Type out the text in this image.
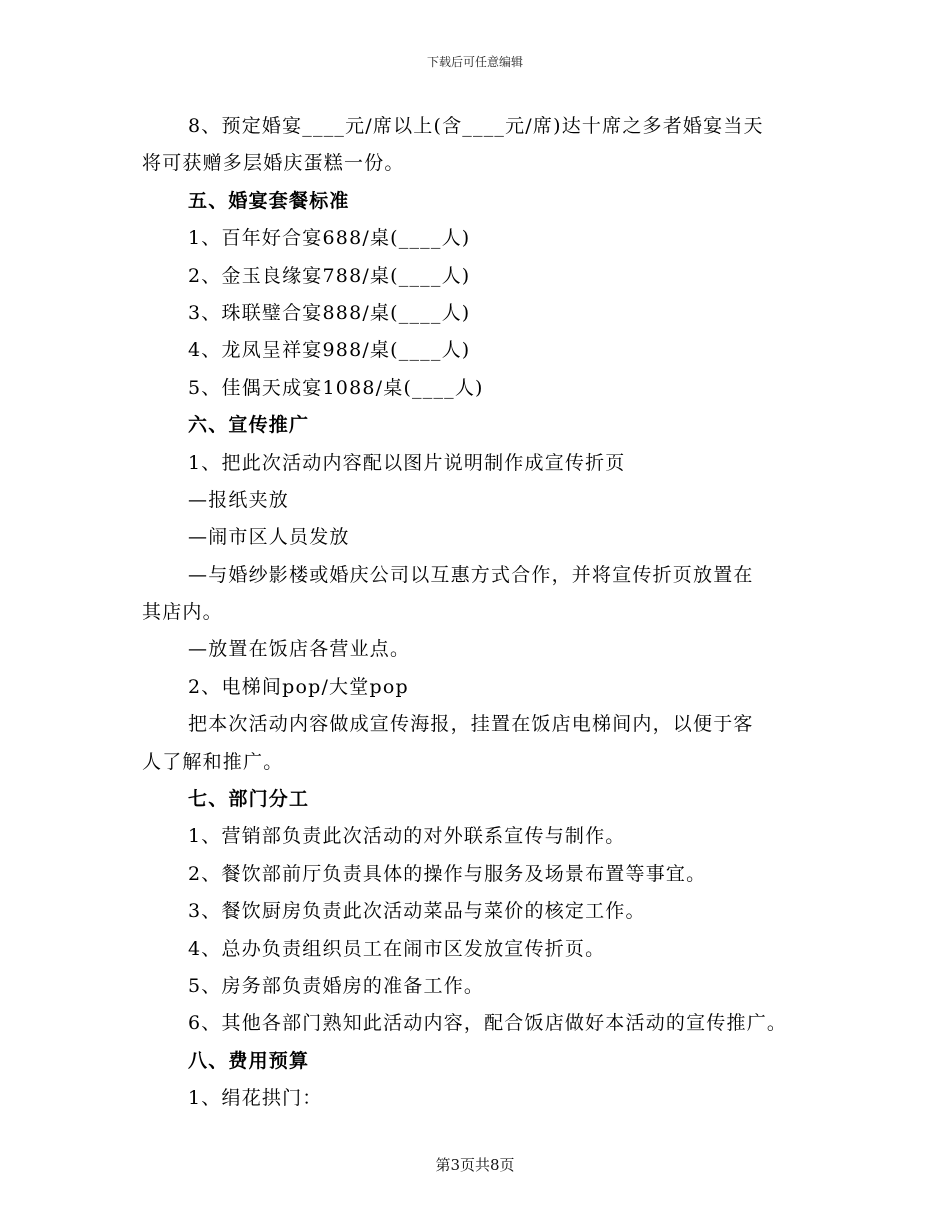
下载后可任意编辑
8、预定婚宴____元/席以上(含____元/席)达十席之多者婚宴当天
将可获赠多层婚庆蛋糕一份。
五、婚宴套餐标准
1、百年好合宴688/桌(____人)
2、金玉良缘宴788/桌(____人)
3、珠联璧合宴888/桌(____人)
4、龙凤呈祥宴988/桌(____人)
5、佳偶天成宴1088/桌(____人)
六、宣传推广
1、把此次活动内容配以图片说明制作成宣传折页
—报纸夹放
—闹市区人员发放
—与婚纱影楼或婚庆公司以互惠方式合作，并将宣传折页放置在
其店内。
—放置在饭店各营业点。
2、电梯间pop/大堂pop
把本次活动内容做成宣传海报，挂置在饭店电梯间内，以便于客
人了解和推广。
七、部门分工
1、营销部负责此次活动的对外联系宣传与制作。
2、餐饮部前厅负责具体的操作与服务及场景布置等事宜。
3、餐饮厨房负责此次活动菜品与菜价的核定工作。
4、总办负责组织员工在闹市区发放宣传折页。
5、房务部负责婚房的准备工作。
6、其他各部门熟知此活动内容，配合饭店做好本活动的宣传推广。
八、费用预算
1、绢花拱门：
第3页共8页
